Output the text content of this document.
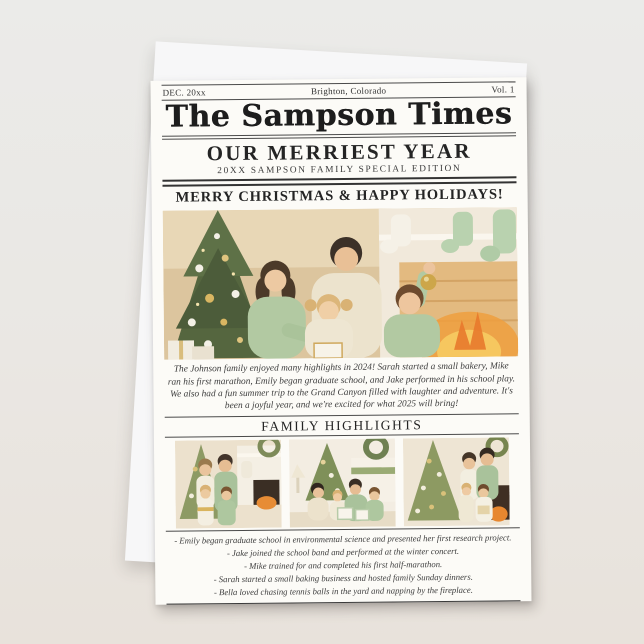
DEC. 20xx	Brighton, Colorado	Vol. 1
The Sampson Times
OUR MERRIEST YEAR
20XX SAMPSON FAMILY SPECIAL EDITION
MERRY CHRISTMAS & HAPPY HOLIDAYS!
The Johnson family enjoyed many highlights in 2024! Sarah started a small bakery, Mike ran his first marathon, Emily began graduate school, and Jake performed in his school play. We also had a fun summer trip to the Grand Canyon filled with laughter and adventure. It's been a joyful year, and we're excited for what 2025 will bring!
FAMILY HIGHLIGHTS
- Emily began graduate school in environmental science and presented her first research project.
- Jake joined the school band and performed at the winter concert.
- Mike trained for and completed his first half-marathon.
- Sarah started a small baking business and hosted family Sunday dinners.
- Bella loved chasing tennis balls in the yard and napping by the fireplace.
